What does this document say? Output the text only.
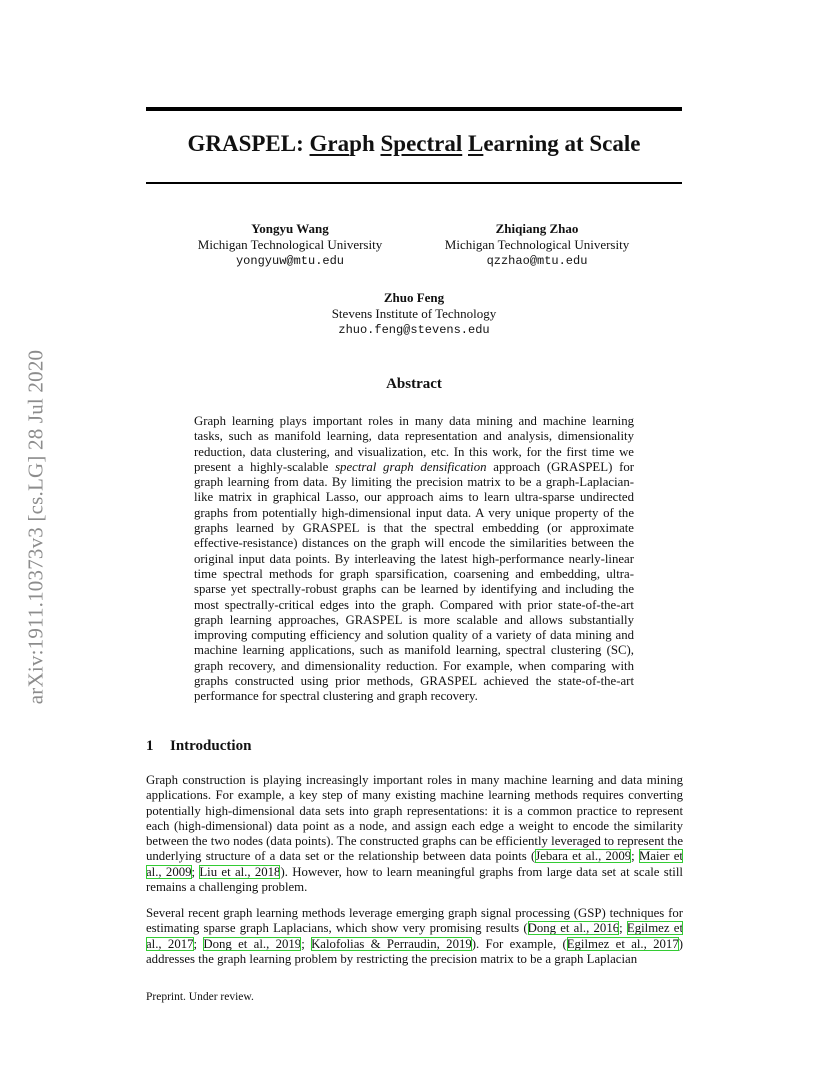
arXiv:1911.10373v3 [cs.LG] 28 Jul 2020
GRASPEL: Graph Spectral Learning at Scale
Yongyu Wang
Michigan Technological University
yongyuw@mtu.edu
Zhiqiang Zhao
Michigan Technological University
qzzhao@mtu.edu
Zhuo Feng
Stevens Institute of Technology
zhuo.feng@stevens.edu
Abstract
Graph learning plays important roles in many data mining and machine learning tasks, such as manifold learning, data representation and analysis, dimensionality reduction, data clustering, and visualization, etc. In this work, for the first time we present a highly-scalable spectral graph densification approach (GRASPEL) for graph learning from data. By limiting the precision matrix to be a graph-Laplacian-like matrix in graphical Lasso, our approach aims to learn ultra-sparse undirected graphs from potentially high-dimensional input data. A very unique property of the graphs learned by GRASPEL is that the spectral embedding (or approximate effective-resistance) distances on the graph will encode the similarities between the original input data points. By interleaving the latest high-performance nearly-linear time spectral methods for graph sparsification, coarsening and embedding, ultra-sparse yet spectrally-robust graphs can be learned by identifying and including the most spectrally-critical edges into the graph. Compared with prior state-of-the-art graph learning approaches, GRASPEL is more scalable and allows substantially improving computing efficiency and solution quality of a variety of data mining and machine learning applications, such as manifold learning, spectral clustering (SC), graph recovery, and dimensionality reduction. For example, when comparing with graphs constructed using prior methods, GRASPEL achieved the state-of-the-art performance for spectral clustering and graph recovery.
1 Introduction
Graph construction is playing increasingly important roles in many machine learning and data mining applications. For example, a key step of many existing machine learning methods requires converting potentially high-dimensional data sets into graph representations: it is a common practice to represent each (high-dimensional) data point as a node, and assign each edge a weight to encode the similarity between the two nodes (data points). The constructed graphs can be efficiently leveraged to represent the underlying structure of a data set or the relationship between data points (Jebara et al., 2009; Maier et al., 2009; Liu et al., 2018). However, how to learn meaningful graphs from large data set at scale still remains a challenging problem.
Several recent graph learning methods leverage emerging graph signal processing (GSP) techniques for estimating sparse graph Laplacians, which show very promising results (Dong et al., 2016; Egilmez et al., 2017; Dong et al., 2019; Kalofolias & Perraudin, 2019). For example, (Egilmez et al., 2017) addresses the graph learning problem by restricting the precision matrix to be a graph Laplacian
Preprint. Under review.
